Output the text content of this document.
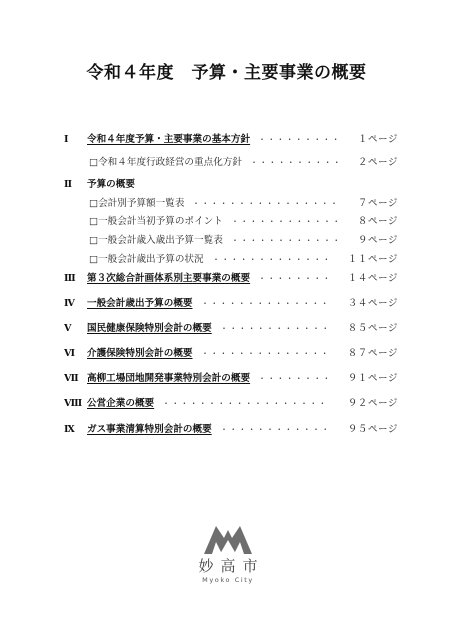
令和４年度　予算・主要事業の概要
Ⅰ 令和４年度予算・主要事業の基本方針 ・・・・・・・・・ １ページ
□令和４年度行政経営の重点化方針 ・・・・・・・・・・ ２ページ
Ⅱ 予算の概要
□会計別予算額一覧表 ・・・・・・・・・・・・・・・・ ７ページ
□一般会計当初予算のポイント ・・・・・・・・・・・・ ８ページ
□一般会計歳入歳出予算一覧表 ・・・・・・・・・・・・ ９ページ
□一般会計歳出予算の状況 ・・・・・・・・・・・・・ １１ページ
Ⅲ 第３次総合計画体系別主要事業の概要 ・・・・・・・・ １４ページ
Ⅳ 一般会計歳出予算の概要 ・・・・・・・・・・・・・・ ３４ページ
Ⅴ 国民健康保険特別会計の概要 ・・・・・・・・・・・・ ８５ページ
Ⅵ 介護保険特別会計の概要 ・・・・・・・・・・・・・・ ８７ページ
Ⅶ 高柳工場団地開発事業特別会計の概要 ・・・・・・・・ ９１ページ
Ⅷ 公営企業の概要 ・・・・・・・・・・・・・・・・・・ ９２ページ
Ⅸ ガス事業清算特別会計の概要 ・・・・・・・・・・・・ ９５ページ
妙高市
Myoko City
